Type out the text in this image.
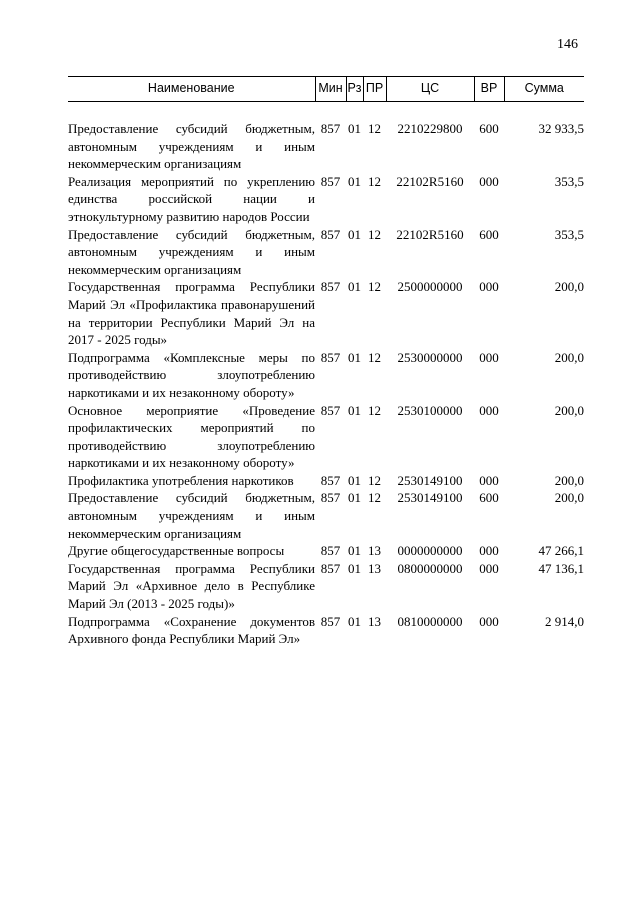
146
Наименование	Мин	Рз	ПР	ЦС	ВР	Сумма

Предоставление субсидий бюджетным, автономным учреждениям и иным некоммерческим организациям	857	01	12	2210229800	600	32 933,5
Реализация мероприятий по укреплению единства российской нации и этнокультурному развитию народов России	857	01	12	22102R5160	000	353,5
Предоставление субсидий бюджетным, автономным учреждениям и иным некоммерческим организациям	857	01	12	22102R5160	600	353,5
Государственная программа Республики Марий Эл «Профилактика правонарушений на территории Республики Марий Эл на 2017 - 2025 годы»	857	01	12	2500000000	000	200,0
Подпрограмма «Комплексные меры по противодействию злоупотреблению наркотиками и их незаконному обороту»	857	01	12	2530000000	000	200,0
Основное мероприятие «Проведение профилактических мероприятий по противодействию злоупотреблению наркотиками и их незаконному обороту»	857	01	12	2530100000	000	200,0
Профилактика употребления наркотиков	857	01	12	2530149100	000	200,0
Предоставление субсидий бюджетным, автономным учреждениям и иным некоммерческим организациям	857	01	12	2530149100	600	200,0
Другие общегосударственные вопросы	857	01	13	0000000000	000	47 266,1
Государственная программа Республики Марий Эл «Архивное дело в Республике Марий Эл (2013 - 2025 годы)»	857	01	13	0800000000	000	47 136,1
Подпрограмма «Сохранение документов Архивного фонда Республики Марий Эл»	857	01	13	0810000000	000	2 914,0
